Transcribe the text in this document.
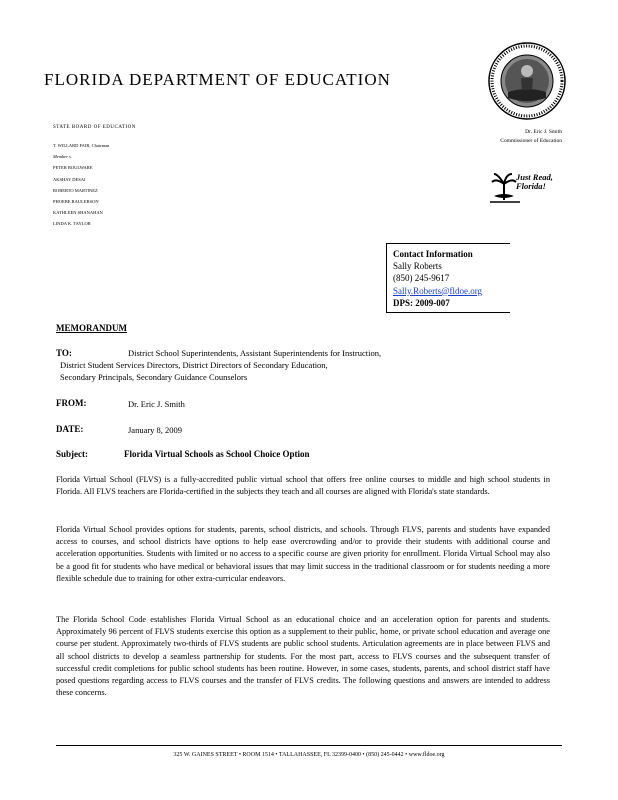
FLORIDA DEPARTMENT OF EDUCATION
STATE BOARD OF EDUCATION
T. WILLARD FAIR, Chairman
Member s
PETER BOULWARE
AKSHAY DESAI
ROBERTO MARTINEZ
PHOEBE RAULERSON
KATHLEEN SHANAHAN
LINDA K. TAYLOR
Dr. Eric J. Smith
Commissioner of Education
Just Read,
Florida!
Contact Information
Sally Roberts
(850) 245-9617
Sally.Roberts@fldoe.org
DPS: 2009-007
MEMORANDUM
TO:	District School Superintendents, Assistant Superintendents for Instruction,
District Student Services Directors, District Directors of Secondary Education,
Secondary Principals, Secondary Guidance Counselors
FROM:	Dr. Eric J. Smith
DATE:	January 8, 2009
Subject:	Florida Virtual Schools as School Choice Option
Florida Virtual School (FLVS) is a fully-accredited public virtual school that offers free online courses to middle and high school students in Florida. All FLVS teachers are Florida-certified in the subjects they teach and all courses are aligned with Florida's state standards.
Florida Virtual School provides options for students, parents, school districts, and schools. Through FLVS, parents and students have expanded access to courses, and school districts have options to help ease overcrowding and/or to provide their students with additional course and acceleration opportunities. Students with limited or no access to a specific course are given priority for enrollment. Florida Virtual School may also be a good fit for students who have medical or behavioral issues that may limit success in the traditional classroom or for students needing a more flexible schedule due to training for other extra-curricular endeavors.
The Florida School Code establishes Florida Virtual School as an educational choice and an acceleration option for parents and students. Approximately 96 percent of FLVS students exercise this option as a supplement to their public, home, or private school education and average one course per student. Approximately two-thirds of FLVS students are public school students. Articulation agreements are in place between FLVS and all school districts to develop a seamless partnership for students. For the most part, access to FLVS courses and the subsequent transfer of successful credit completions for public school students has been routine. However, in some cases, students, parents, and school district staff have posed questions regarding access to FLVS courses and the transfer of FLVS credits. The following questions and answers are intended to address these concerns.
325 W. GAINES STREET • ROOM 1514 • TALLAHASSEE, FL 32399-0400 • (850) 245-0442 • www.fldoe.org
